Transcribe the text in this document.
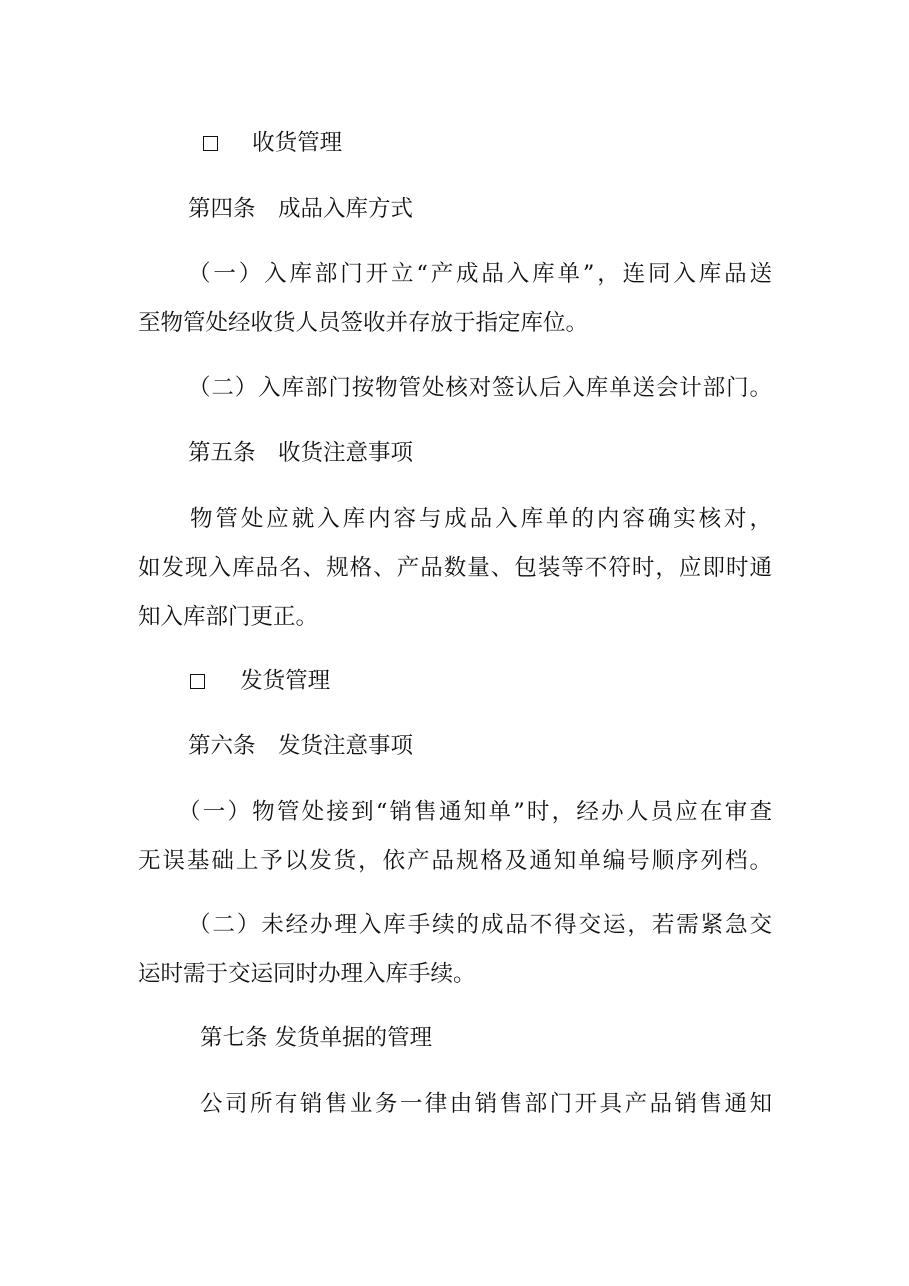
收货管理
第四条　成品入库方式
（一）入库部门开立“产成品入库单”，连同入库品送
至物管处经收货人员签收并存放于指定库位。
（二）入库部门按物管处核对签认后入库单送会计部门。
第五条　收货注意事项
物管处应就入库内容与成品入库单的内容确实核对，
如发现入库品名、规格、产品数量、包装等不符时，应即时通
知入库部门更正。
发货管理
第六条　发货注意事项
（一）物管处接到“销售通知单”时，经办人员应在审查
无误基础上予以发货，依产品规格及通知单编号顺序列档。
（二）未经办理入库手续的成品不得交运，若需紧急交
运时需于交运同时办理入库手续。
第七条 发货单据的管理
公司所有销售业务一律由销售部门开具产品销售通知
